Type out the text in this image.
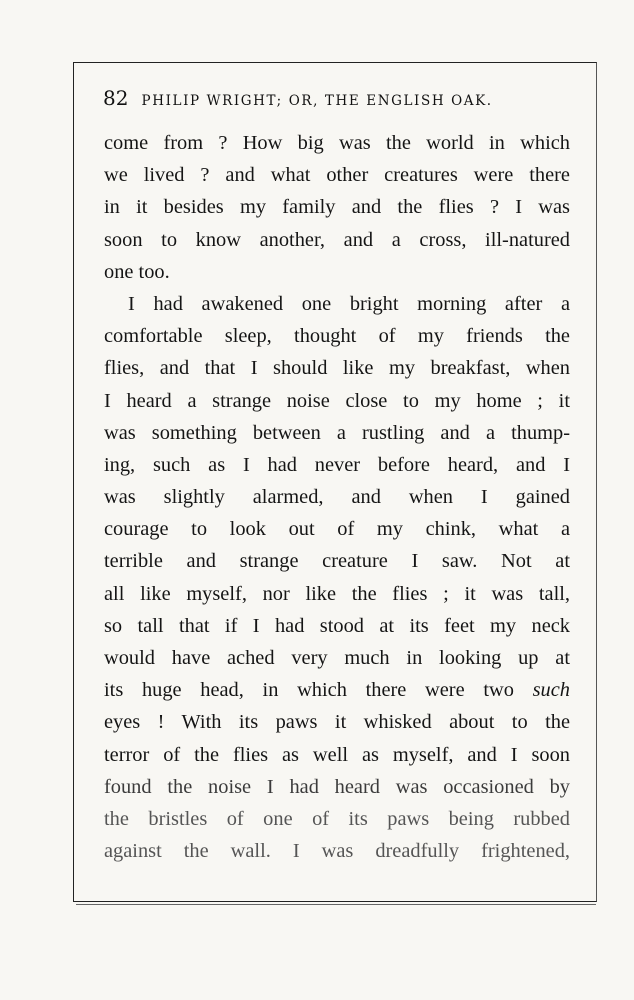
82 PHILIP WRIGHT; OR, THE ENGLISH OAK.
come from ? How big was the world in which
we lived ? and what other creatures were there
in it besides my family and the flies ? I was
soon to know another, and a cross, ill-natured
one too.
I had awakened one bright morning after a
comfortable sleep, thought of my friends the
flies, and that I should like my breakfast, when
I heard a strange noise close to my home ; it
was something between a rustling and a thump-
ing, such as I had never before heard, and I
was slightly alarmed, and when I gained
courage to look out of my chink, what a
terrible and strange creature I saw. Not at
all like myself, nor like the flies ; it was tall,
so tall that if I had stood at its feet my neck
would have ached very much in looking up at
its huge head, in which there were two such
eyes ! With its paws it whisked about to the
terror of the flies as well as myself, and I soon
found the noise I had heard was occasioned by
the bristles of one of its paws being rubbed
against the wall. I was dreadfully frightened,
